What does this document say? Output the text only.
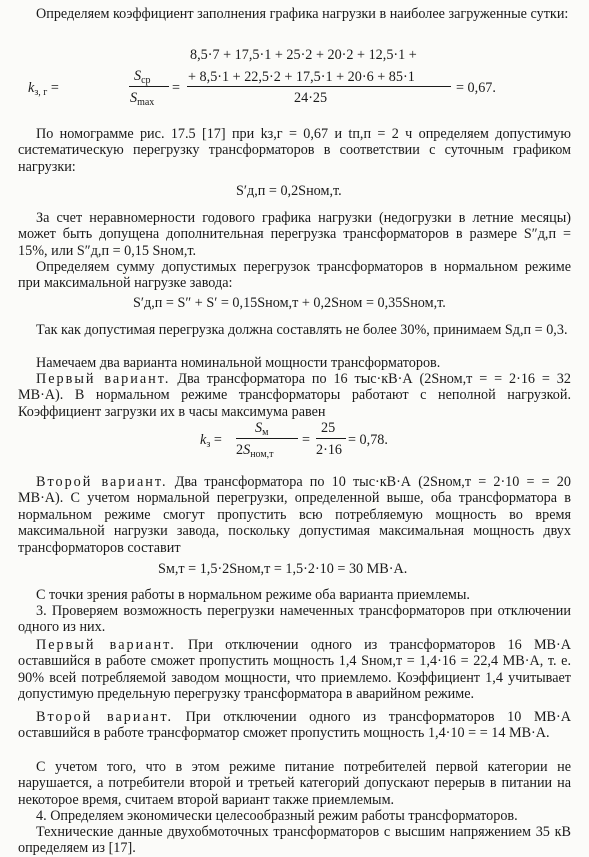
Определяем коэффициент заполнения графика нагрузки в наиболее загруженные сутки:

$k_{з, г}$ =
$S_{ср}$
$S_{max}$
=
8,5·7 + 17,5·1 + 25·2 + 20·2 + 12,5·1 +
+ 8,5·1 + 22,5·2 + 17,5·1 + 20·6 + 85·1
24·25
= 0,67.

По номограмме рис. 17.5 [17] при kз,г = 0,67 и tп,п = 2 ч определяем допустимую систематическую перегрузку трансформаторов в соответствии с суточным графиком нагрузки:

S′д,п = 0,2Sном,т.

За счет неравномерности годового графика нагрузки (недогрузки в летние месяцы) может быть допущена дополнительная перегрузка трансформаторов в размере S″д,п = 15%, или S″д,п = 0,15 Sном,т.

Определяем сумму допустимых перегрузок трансформаторов в нормальном режиме при максимальной нагрузке завода:

S′д,п = S″ + S′ = 0,15Sном,т + 0,2Sном = 0,35Sном,т.

Так как допустимая перегрузка должна составлять не более 30%, принимаем Sд,п = 0,3.

Намечаем два варианта номинальной мощности трансформаторов.

Первый вариант. Два трансформатора по 16 тыс·кВ·А (2Sном,т = = 2·16 = 32 МВ·А). В нормальном режиме трансформаторы работают с неполной нагрузкой. Коэффициент загрузки их в часы максимума равен

$k_з$ =
$S_м$
$2S_{ном,т}$
=
25
2·16
= 0,78.

Второй вариант. Два трансформатора по 10 тыс·кВ·А (2Sном,т = 2·10 = = 20 МВ·А). С учетом нормальной перегрузки, определенной выше, оба трансформатора в нормальном режиме смогут пропустить всю потребляемую мощность во время максимальной нагрузки завода, поскольку допустимая максимальная мощность двух трансформаторов составит

Sм,т = 1,5·2Sном,т = 1,5·2·10 = 30 МВ·А.

С точки зрения работы в нормальном режиме оба варианта приемлемы.

3. Проверяем возможность перегрузки намеченных трансформаторов при отключении одного из них.

Первый вариант. При отключении одного из трансформаторов 16 МВ·А оставшийся в работе сможет пропустить мощность 1,4 Sном,т = 1,4·16 = 22,4 МВ·А, т. е. 90% всей потребляемой заводом мощности, что приемлемо. Коэффициент 1,4 учитывает допустимую предельную перегрузку трансформатора в аварийном режиме.

Второй вариант. При отключении одного из трансформаторов 10 МВ·А оставшийся в работе трансформатор сможет пропустить мощность 1,4·10 = = 14 МВ·А.

С учетом того, что в этом режиме питание потребителей первой категории не нарушается, а потребители второй и третьей категорий допускают перерыв в питании на некоторое время, считаем второй вариант также приемлемым.

4. Определяем экономически целесообразный режим работы трансформаторов.

Технические данные двухобмоточных трансформаторов с высшим напряжением 35 кВ определяем из [17].
